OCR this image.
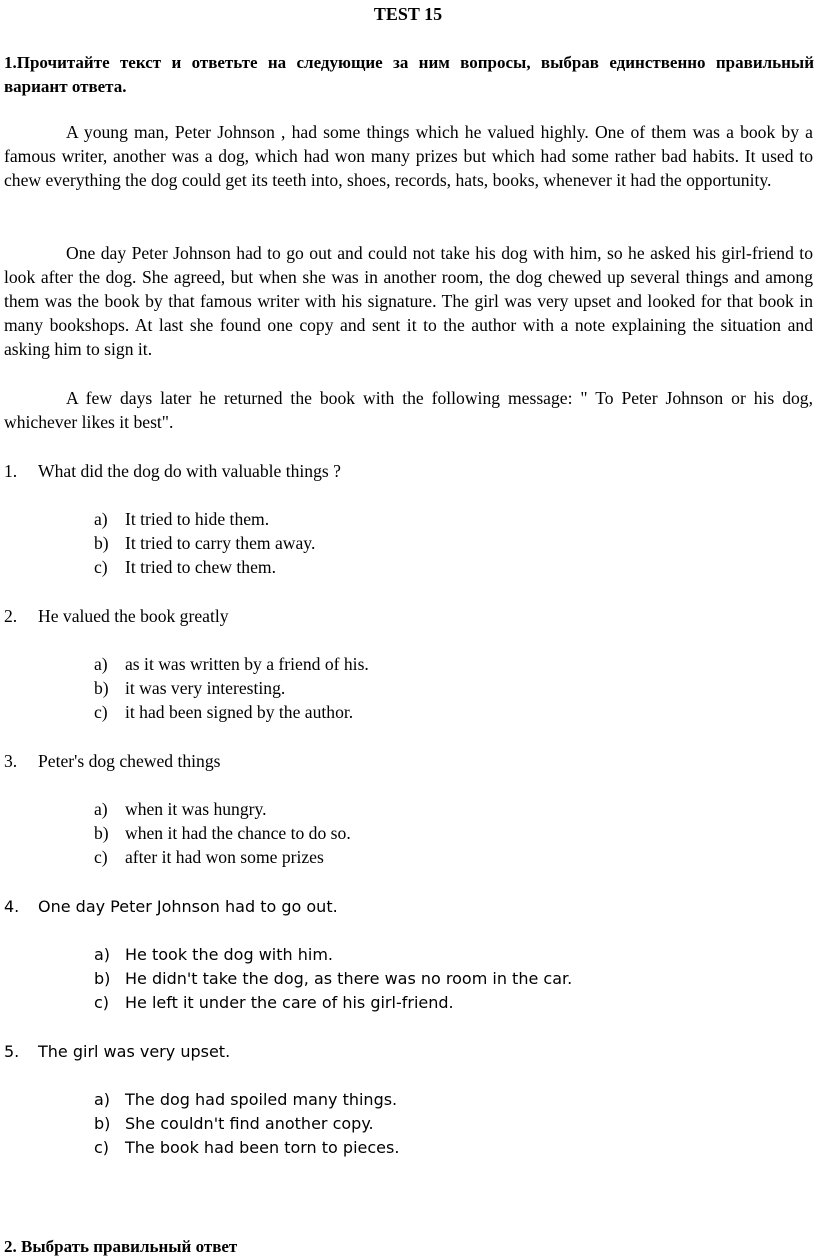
TEST 15
1.Прочитайте текст и ответьте на следующие за ним вопросы, выбрав единственно правильный вариант ответа.

A young man, Peter Johnson , had some things which he valued highly. One of them was a book by a famous writer, another was a dog, which had won many prizes but which had some rather bad habits. It used to chew everything the dog could get its teeth into, shoes, records, hats, books, whenever it had the opportunity.

One day Peter Johnson had to go out and could not take his dog with him, so he asked his girl-friend to look after the dog. She agreed, but when she was in another room, the dog chewed up several things and among them was the book by that famous writer with his signature. The girl was very upset and looked for that book in many bookshops. At last she found one copy and sent it to the author with a note explaining the situation and asking him to sign it.

A few days later he returned the book with the following message: " To Peter Johnson or his dog, whichever likes it best".

1. What did the dog do with valuable things ?
a) It tried to hide them.
b) It tried to carry them away.
c) It tried to chew them.
2. He valued the book greatly
a) as it was written by a friend of his.
b) it was very interesting.
c) it had been signed by the author.
3. Peter's dog chewed things
a) when it was hungry.
b) when it had the chance to do so.
c) after it had won some prizes
4. One day Peter Johnson had to go out.
a) He took the dog with him.
b) He didn't take the dog, as there was no room in the car.
c) He left it under the care of his girl-friend.
5. The girl was very upset.
a) The dog had spoiled many things.
b) She couldn't find another copy.
c) The book had been torn to pieces.
2. Выбрать правильный ответ
